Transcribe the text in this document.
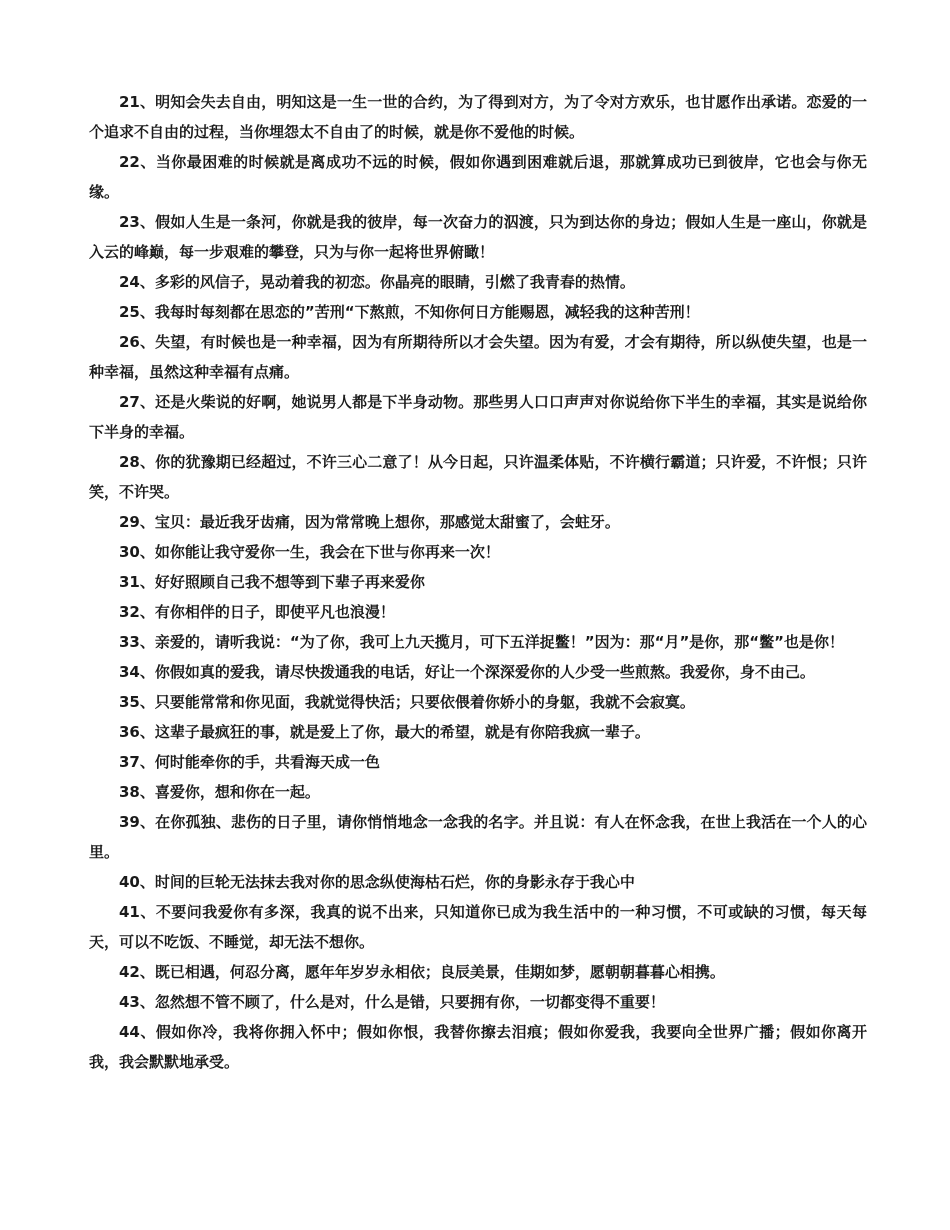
21、明知会失去自由，明知这是一生一世的合约，为了得到对方，为了令对方欢乐，也甘愿作出承诺。恋爱的一个追求不自由的过程，当你埋怨太不自由了的时候，就是你不爱他的时候。

22、当你最困难的时候就是离成功不远的时候，假如你遇到困难就后退，那就算成功已到彼岸，它也会与你无缘。

23、假如人生是一条河，你就是我的彼岸，每一次奋力的泅渡，只为到达你的身边；假如人生是一座山，你就是入云的峰巅，每一步艰难的攀登，只为与你一起将世界俯瞰！

24、多彩的风信子，晃动着我的初恋。你晶亮的眼睛，引燃了我青春的热情。

25、我每时每刻都在思恋的”苦刑“下熬煎，不知你何日方能赐恩，减轻我的这种苦刑！

26、失望，有时候也是一种幸福，因为有所期待所以才会失望。因为有爱，才会有期待，所以纵使失望，也是一种幸福，虽然这种幸福有点痛。

27、还是火柴说的好啊，她说男人都是下半身动物。那些男人口口声声对你说给你下半生的幸福，其实是说给你下半身的幸福。

28、你的犹豫期已经超过，不许三心二意了！从今日起，只许温柔体贴，不许横行霸道；只许爱，不许恨；只许笑，不许哭。

29、宝贝：最近我牙齿痛，因为常常晚上想你，那感觉太甜蜜了，会蛀牙。

30、如你能让我守爱你一生，我会在下世与你再来一次！

31、好好照顾自己我不想等到下辈子再来爱你

32、有你相伴的日子，即使平凡也浪漫！

33、亲爱的，请听我说：“为了你，我可上九天揽月，可下五洋捉鳖！”因为：那“月”是你，那“鳖”也是你！

34、你假如真的爱我，请尽快拨通我的电话，好让一个深深爱你的人少受一些煎熬。我爱你，身不由己。

35、只要能常常和你见面，我就觉得快活；只要依偎着你娇小的身躯，我就不会寂寞。

36、这辈子最疯狂的事，就是爱上了你，最大的希望，就是有你陪我疯一辈子。

37、何时能牵你的手，共看海天成一色

38、喜爱你，想和你在一起。

39、在你孤独、悲伤的日子里，请你悄悄地念一念我的名字。并且说：有人在怀念我，在世上我活在一个人的心里。

40、时间的巨轮无法抹去我对你的思念纵使海枯石烂，你的身影永存于我心中

41、不要问我爱你有多深，我真的说不出来，只知道你已成为我生活中的一种习惯，不可或缺的习惯，每天每天，可以不吃饭、不睡觉，却无法不想你。

42、既已相遇，何忍分离，愿年年岁岁永相依；良辰美景，佳期如梦，愿朝朝暮暮心相携。

43、忽然想不管不顾了，什么是对，什么是错，只要拥有你，一切都变得不重要！

44、假如你冷，我将你拥入怀中；假如你恨，我替你擦去泪痕；假如你爱我，我要向全世界广播；假如你离开我，我会默默地承受。
